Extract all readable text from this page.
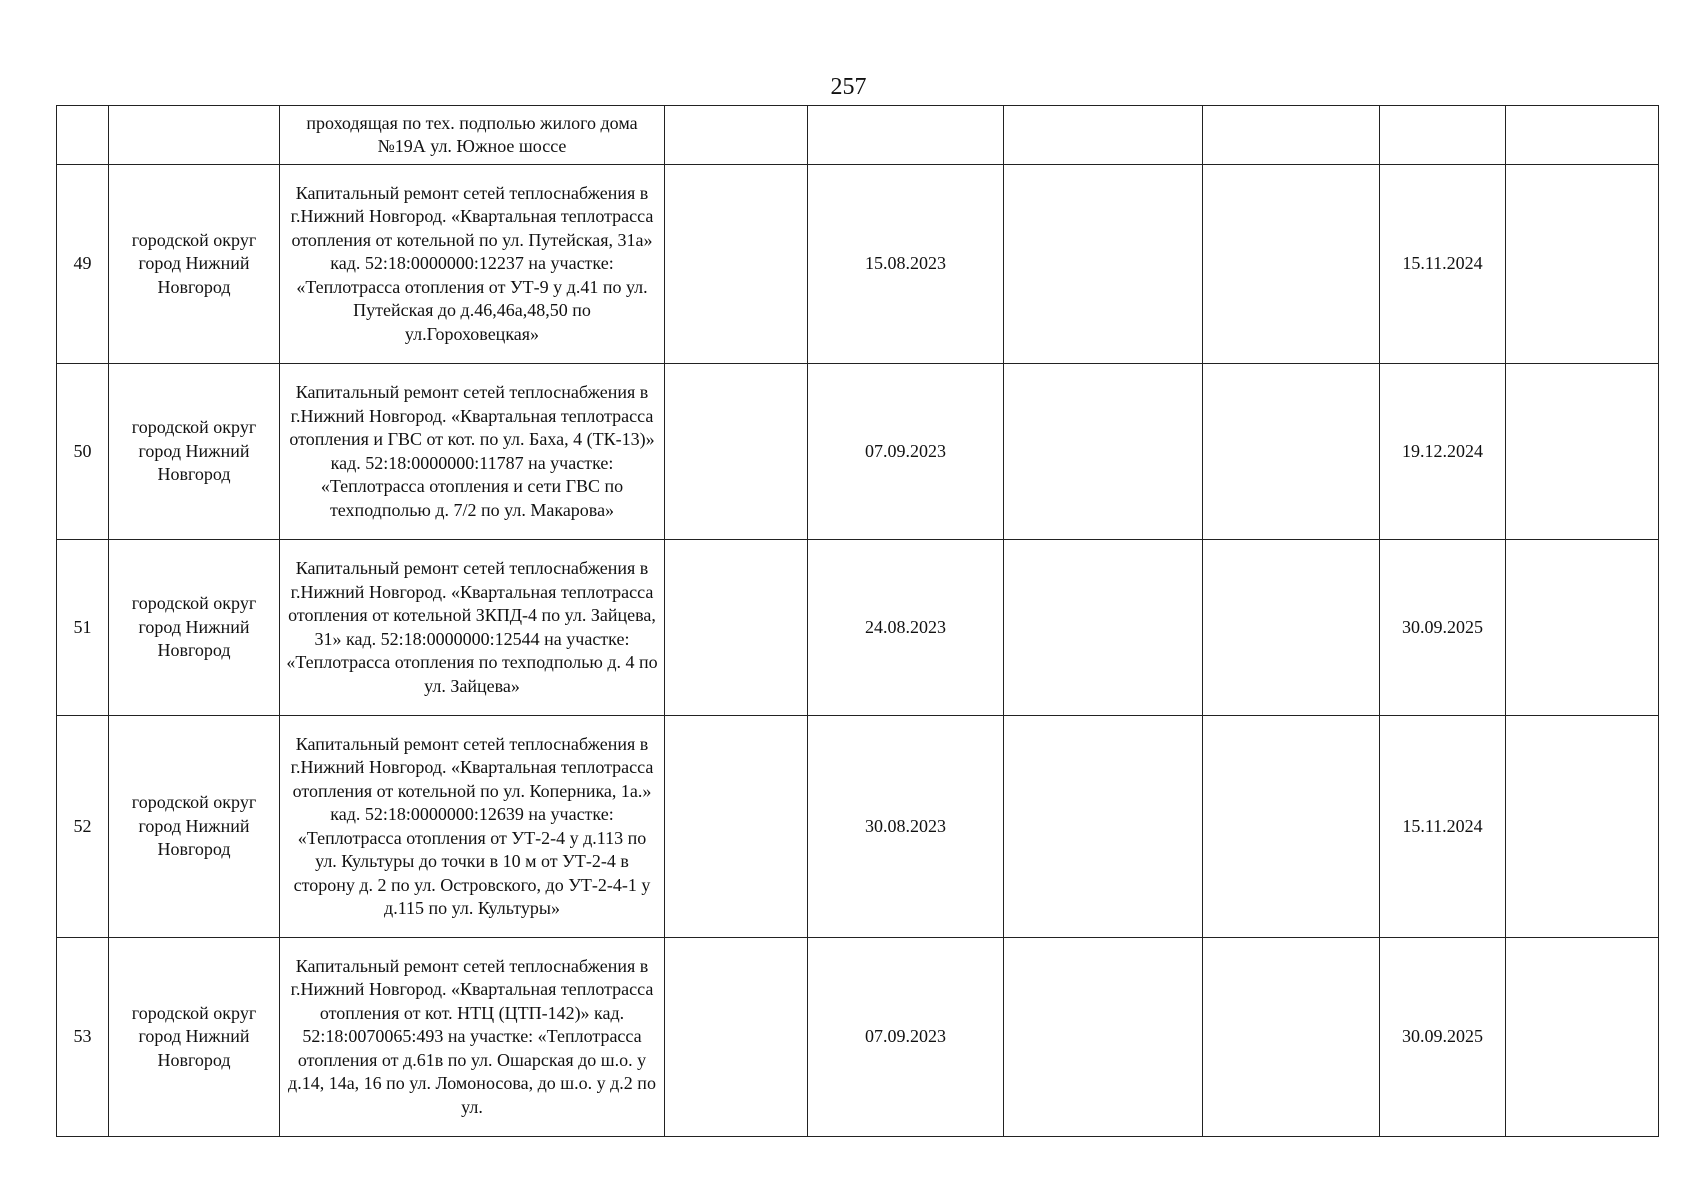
257
		проходящая по тех. подполью жилого дома №19А ул. Южное шоссе						
49	городской округ город Нижний Новгород	Капитальный ремонт сетей теплоснабжения в г.Нижний Новгород. «Квартальная теплотрасса отопления от котельной по ул. Путейская, 31а» кад. 52:18:0000000:12237 на участке: «Теплотрасса отопления от УТ-9 у д.41 по ул. Путейская до д.46,46а,48,50 по ул.Гороховецкая»		15.08.2023			15.11.2024	
50	городской округ город Нижний Новгород	Капитальный ремонт сетей теплоснабжения в г.Нижний Новгород. «Квартальная теплотрасса отопления и ГВС от кот. по ул. Баха, 4 (ТК-13)» кад. 52:18:0000000:11787 на участке: «Теплотрасса отопления и сети ГВС по техподполью д. 7/2 по ул. Макарова»		07.09.2023			19.12.2024	
51	городской округ город Нижний Новгород	Капитальный ремонт сетей теплоснабжения в г.Нижний Новгород. «Квартальная теплотрасса отопления от котельной ЗКПД-4 по ул. Зайцева, 31» кад. 52:18:0000000:12544 на участке: «Теплотрасса отопления по техподполью д. 4 по ул. Зайцева»		24.08.2023			30.09.2025	
52	городской округ город Нижний Новгород	Капитальный ремонт сетей теплоснабжения в г.Нижний Новгород. «Квартальная теплотрасса отопления от котельной по ул. Коперника, 1а.» кад. 52:18:0000000:12639 на участке: «Теплотрасса отопления от УТ-2-4 у д.113 по ул. Культуры до точки в 10 м от УТ-2-4 в сторону д. 2 по ул. Островского, до УТ-2-4-1 у д.115 по ул. Культуры»		30.08.2023			15.11.2024	
53	городской округ город Нижний Новгород	Капитальный ремонт сетей теплоснабжения в г.Нижний Новгород. «Квартальная теплотрасса отопления от кот. НТЦ (ЦТП-142)» кад. 52:18:0070065:493 на участке: «Теплотрасса отопления от д.61в по ул. Ошарская до ш.о. у д.14, 14а, 16 по ул. Ломоносова, до ш.о. у д.2 по ул.		07.09.2023			30.09.2025	
